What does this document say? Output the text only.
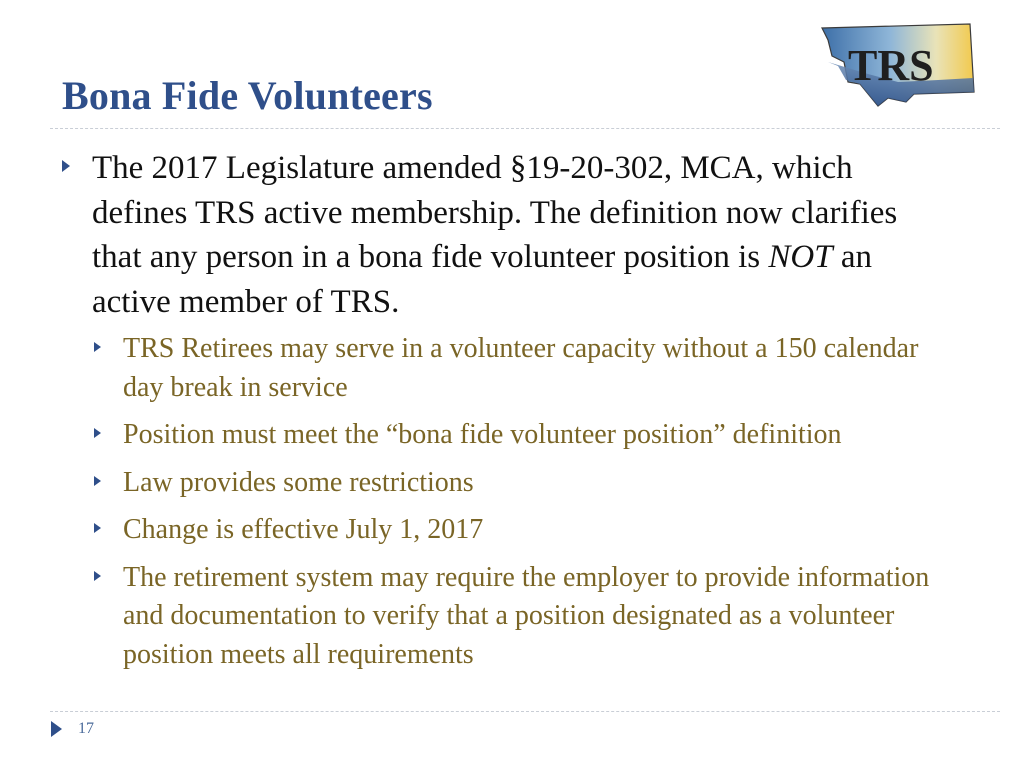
Bona Fide Volunteers
TRS
The 2017 Legislature amended §19-20-302, MCA, which defines TRS active membership. The definition now clarifies that any person in a bona fide volunteer position is NOT an active member of TRS.
TRS Retirees may serve in a volunteer capacity without a 150 calendar day break in service
Position must meet the “bona fide volunteer position” definition
Law provides some restrictions
Change is effective July 1, 2017
The retirement system may require the employer to provide information and documentation to verify that a position designated as a volunteer position meets all requirements
17
